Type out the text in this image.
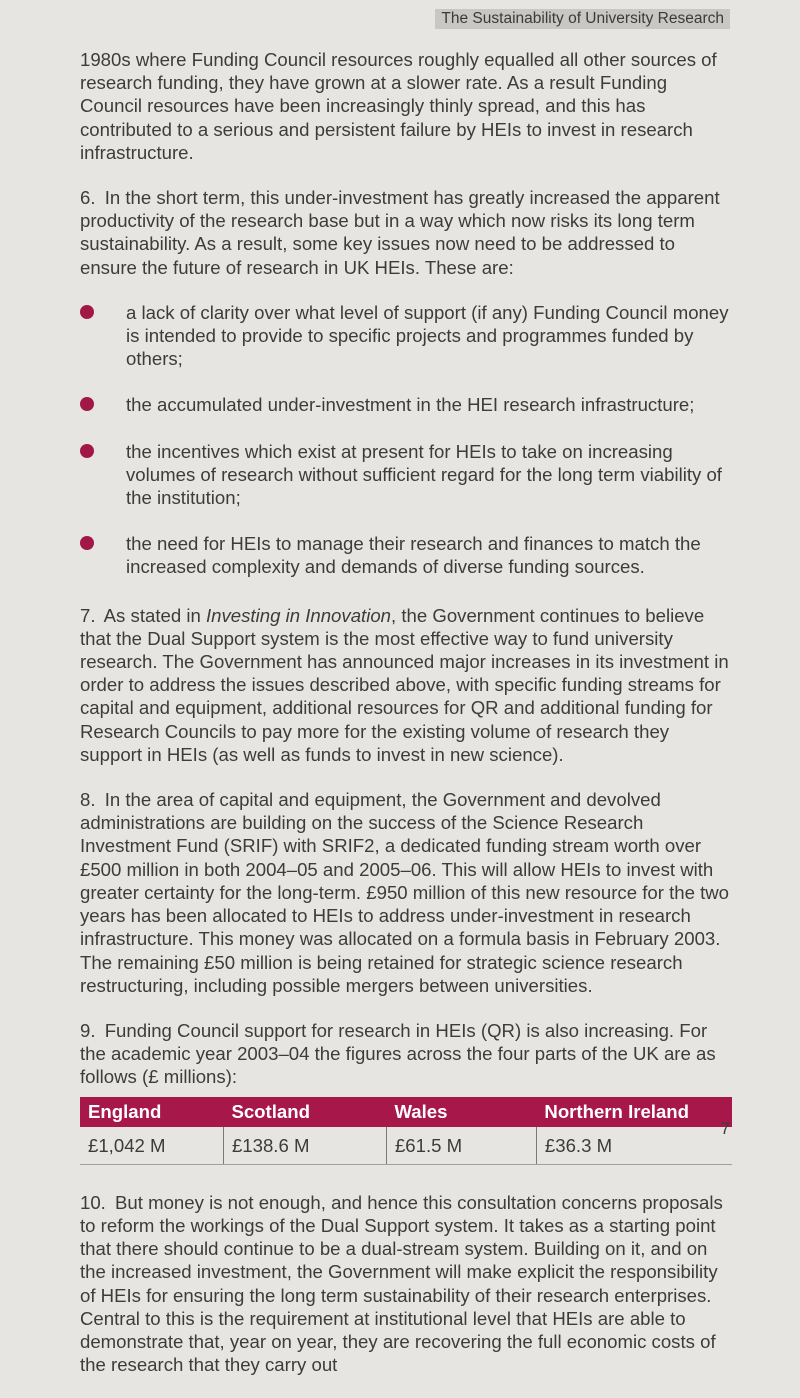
The Sustainability of University Research

1980s where Funding Council resources roughly equalled all other sources of research funding, they have grown at a slower rate. As a result Funding Council resources have been increasingly thinly spread, and this has contributed to a serious and persistent failure by HEIs to invest in research infrastructure.

6. In the short term, this under-investment has greatly increased the apparent productivity of the research base but in a way which now risks its long term sustainability. As a result, some key issues now need to be addressed to ensure the future of research in UK HEIs. These are:

a lack of clarity over what level of support (if any) Funding Council money is intended to provide to specific projects and programmes funded by others;
the accumulated under-investment in the HEI research infrastructure;
the incentives which exist at present for HEIs to take on increasing volumes of research without sufficient regard for the long term viability of the institution;
the need for HEIs to manage their research and finances to match the increased complexity and demands of diverse funding sources.

7. As stated in Investing in Innovation, the Government continues to believe that the Dual Support system is the most effective way to fund university research. The Government has announced major increases in its investment in order to address the issues described above, with specific funding streams for capital and equipment, additional resources for QR and additional funding for Research Councils to pay more for the existing volume of research they support in HEIs (as well as funds to invest in new science).

8. In the area of capital and equipment, the Government and devolved administrations are building on the success of the Science Research Investment Fund (SRIF) with SRIF2, a dedicated funding stream worth over £500 million in both 2004–05 and 2005–06. This will allow HEIs to invest with greater certainty for the long-term. £950 million of this new resource for the two years has been allocated to HEIs to address under-investment in research infrastructure. This money was allocated on a formula basis in February 2003. The remaining £50 million is being retained for strategic science research restructuring, including possible mergers between universities.

9. Funding Council support for research in HEIs (QR) is also increasing. For the academic year 2003–04 the figures across the four parts of the UK are as follows (£ millions):

England	Scotland	Wales	Northern Ireland
£1,042 M	£138.6 M	£61.5 M	£36.3 M

10. But money is not enough, and hence this consultation concerns proposals to reform the workings of the Dual Support system. It takes as a starting point that there should continue to be a dual-stream system. Building on it, and on the increased investment, the Government will make explicit the responsibility of HEIs for ensuring the long term sustainability of their research enterprises. Central to this is the requirement at institutional level that HEIs are able to demonstrate that, year on year, they are recovering the full economic costs of the research that they carry out

7
